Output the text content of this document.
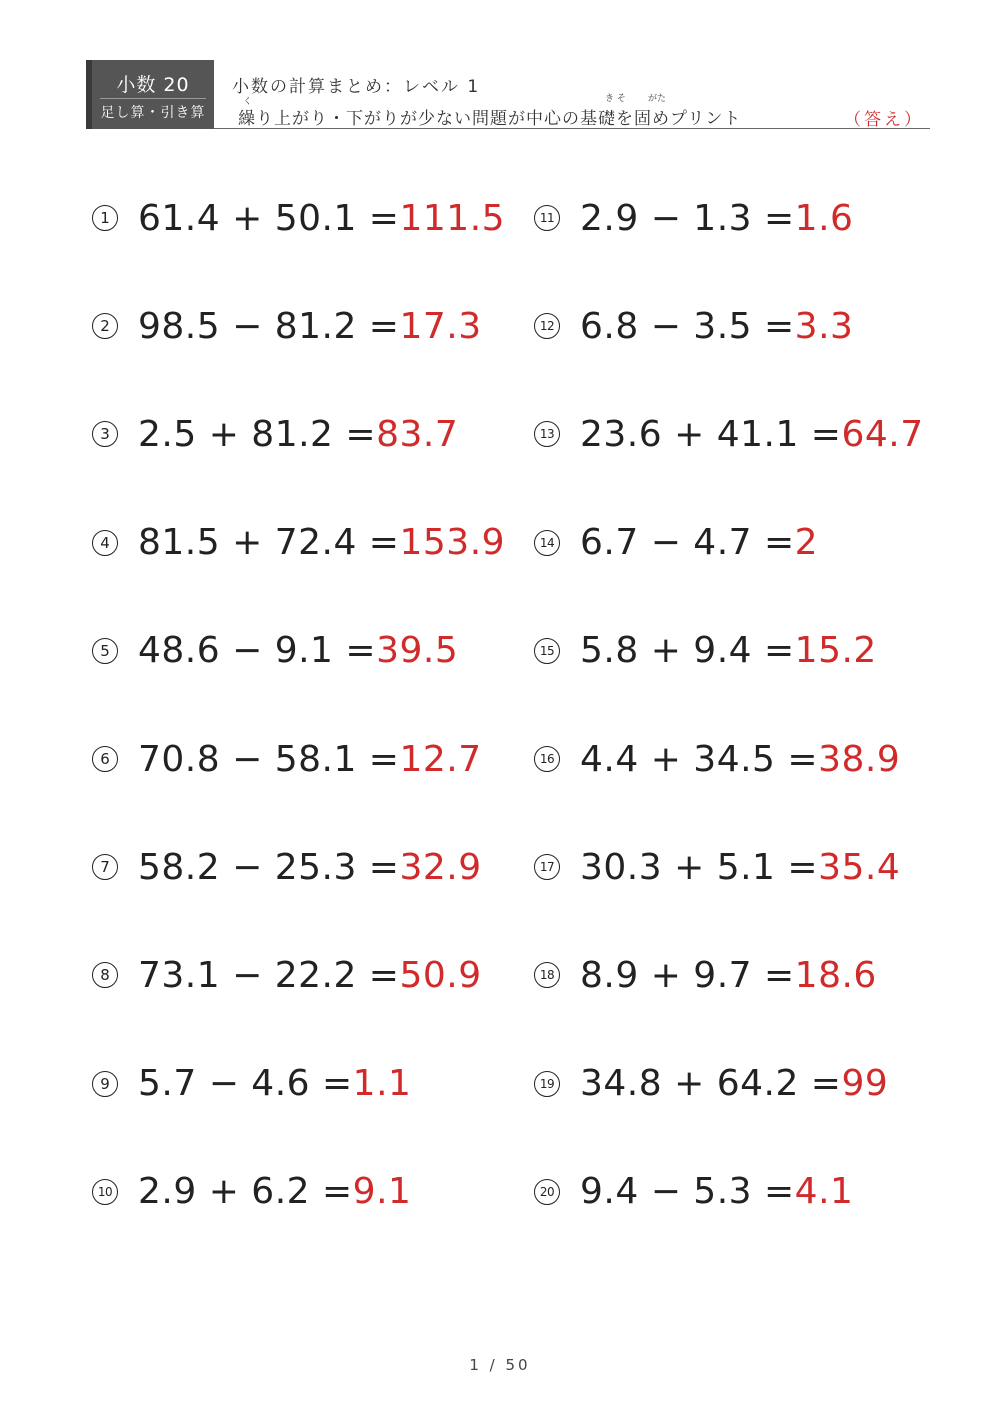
小数 20
足し算・引き算
小数の計算まとめ：レベル 1
く	き そ がた
繰り上がり・下がりが少ない問題が中心の基礎を固めプリント	（答え）
1 61.4 + 50.1 = 111.5
2 98.5 − 81.2 = 17.3
3 2.5 + 81.2 = 83.7
4 81.5 + 72.4 = 153.9
5 48.6 − 9.1 = 39.5
6 70.8 − 58.1 = 12.7
7 58.2 − 25.3 = 32.9
8 73.1 − 22.2 = 50.9
9 5.7 − 4.6 = 1.1
10 2.9 + 6.2 = 9.1
11 2.9 − 1.3 = 1.6
12 6.8 − 3.5 = 3.3
13 23.6 + 41.1 = 64.7
14 6.7 − 4.7 = 2
15 5.8 + 9.4 = 15.2
16 4.4 + 34.5 = 38.9
17 30.3 + 5.1 = 35.4
18 8.9 + 9.7 = 18.6
19 34.8 + 64.2 = 99
20 9.4 − 5.3 = 4.1
1 / 50
